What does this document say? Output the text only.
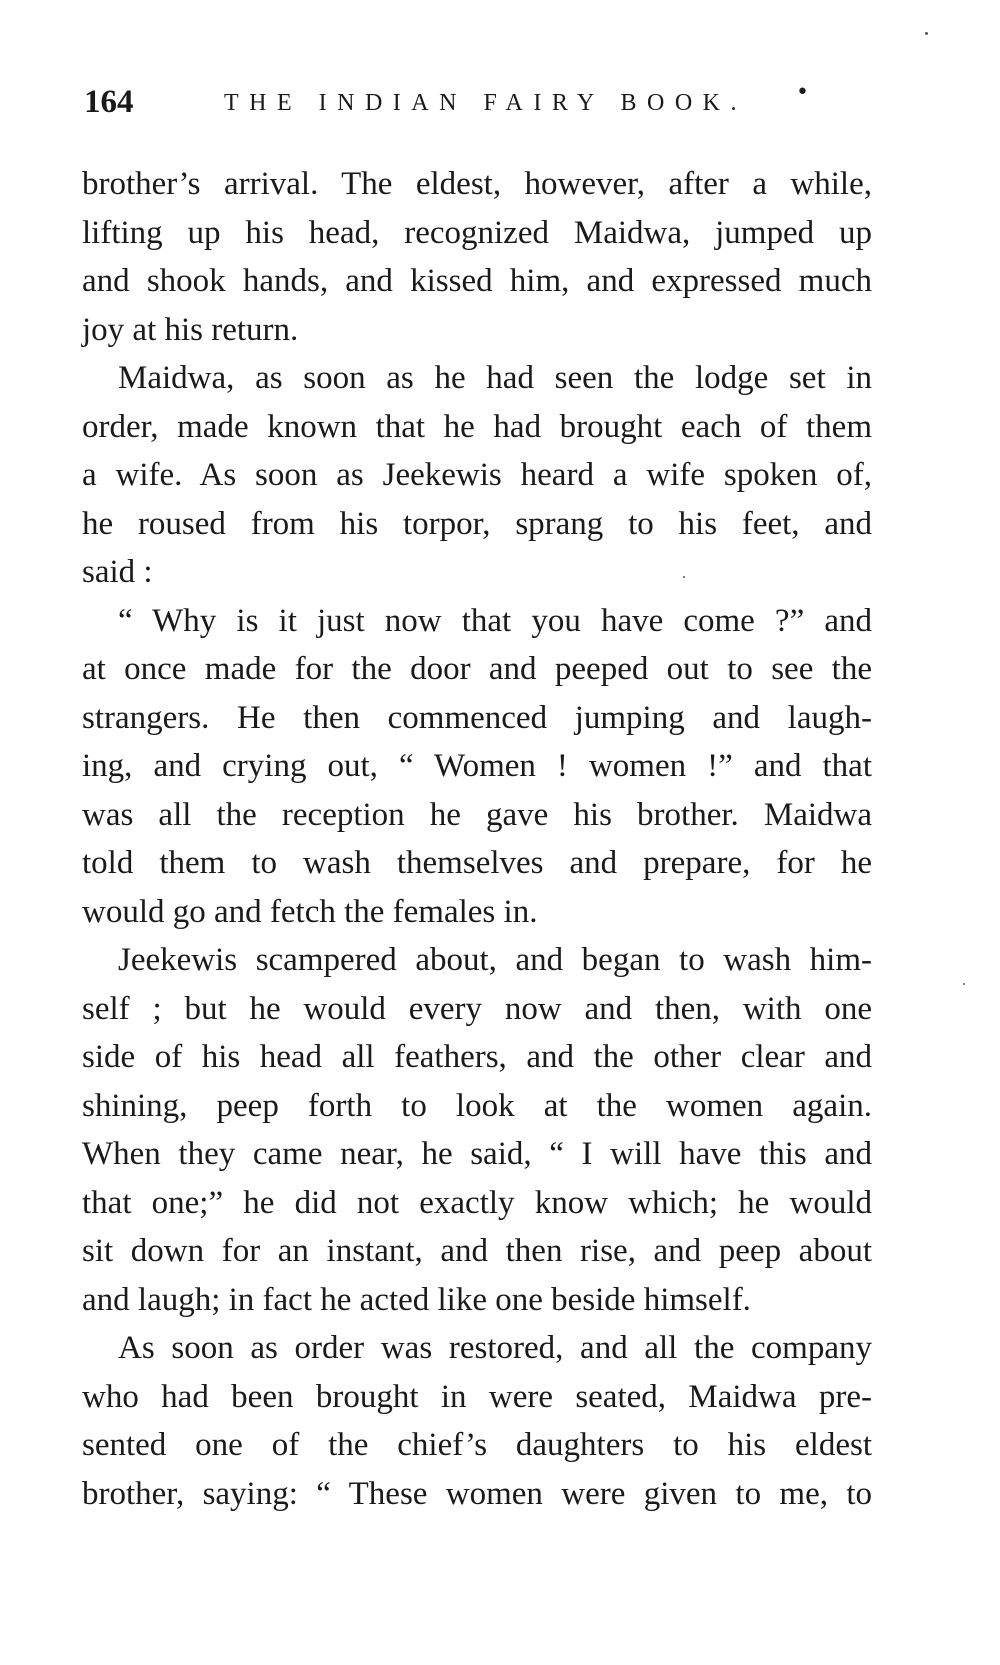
164	THE INDIAN FAIRY BOOK. •

brother’s arrival. The eldest, however, after a while,
lifting up his head, recognized Maidwa, jumped up
and shook hands, and kissed him, and expressed much
joy at his return.

Maidwa, as soon as he had seen the lodge set in
order, made known that he had brought each of them
a wife. As soon as Jeekewis heard a wife spoken of,
he roused from his torpor, sprang to his feet, and
said :

“ Why is it just now that you have come ?” and
at once made for the door and peeped out to see the
strangers. He then commenced jumping and laugh-
ing, and crying out, “ Women ! women !” and that
was all the reception he gave his brother. Maidwa
told them to wash themselves and prepare, for he
would go and fetch the females in.

Jeekewis scampered about, and began to wash him-
self ; but he would every now and then, with one
side of his head all feathers, and the other clear and
shining, peep forth to look at the women again.
When they came near, he said, “ I will have this and
that one;” he did not exactly know which; he would
sit down for an instant, and then rise, and peep about
and laugh; in fact he acted like one beside himself.

As soon as order was restored, and all the company
who had been brought in were seated, Maidwa pre-
sented one of the chief’s daughters to his eldest
brother, saying: “ These women were given to me, to
